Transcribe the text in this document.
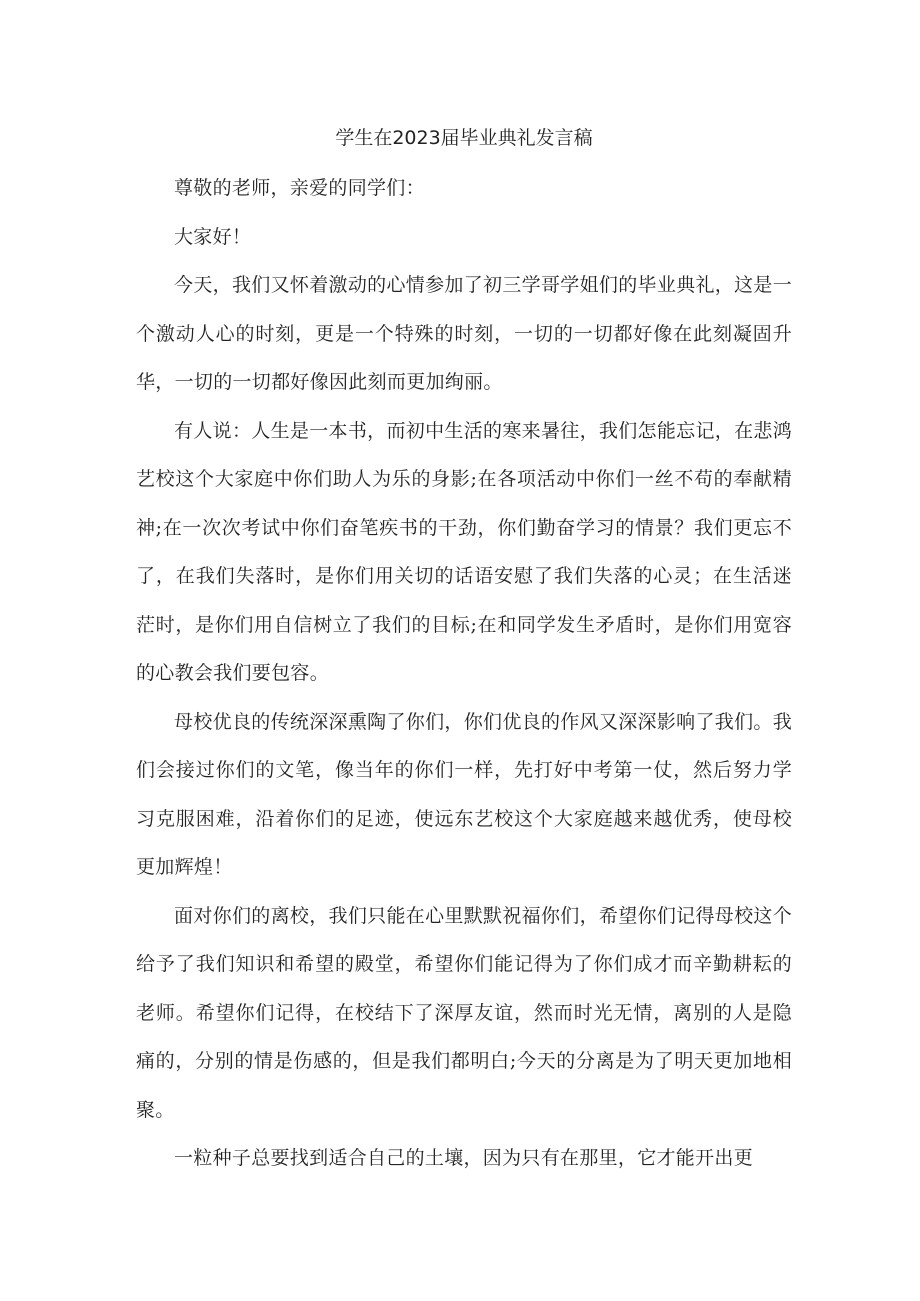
学生在2023届毕业典礼发言稿

尊敬的老师，亲爱的同学们：

大家好！

今天，我们又怀着激动的心情参加了初三学哥学姐们的毕业典礼，这是一个激动人心的时刻，更是一个特殊的时刻，一切的一切都好像在此刻凝固升华，一切的一切都好像因此刻而更加绚丽。

有人说：人生是一本书，而初中生活的寒来暑往，我们怎能忘记，在悲鸿艺校这个大家庭中你们助人为乐的身影;在各项活动中你们一丝不苟的奉献精神;在一次次考试中你们奋笔疾书的干劲，你们勤奋学习的情景？我们更忘不了，在我们失落时，是你们用关切的话语安慰了我们失落的心灵；在生活迷茫时，是你们用自信树立了我们的目标;在和同学发生矛盾时，是你们用宽容的心教会我们要包容。

母校优良的传统深深熏陶了你们，你们优良的作风又深深影响了我们。我们会接过你们的文笔，像当年的你们一样，先打好中考第一仗，然后努力学习克服困难，沿着你们的足迹，使远东艺校这个大家庭越来越优秀，使母校更加辉煌！

面对你们的离校，我们只能在心里默默祝福你们，希望你们记得母校这个给予了我们知识和希望的殿堂，希望你们能记得为了你们成才而辛勤耕耘的老师。希望你们记得，在校结下了深厚友谊，然而时光无情，离别的人是隐痛的，分别的情是伤感的，但是我们都明白;今天的分离是为了明天更加地相聚。

一粒种子总要找到适合自己的土壤，因为只有在那里，它才能开出更
